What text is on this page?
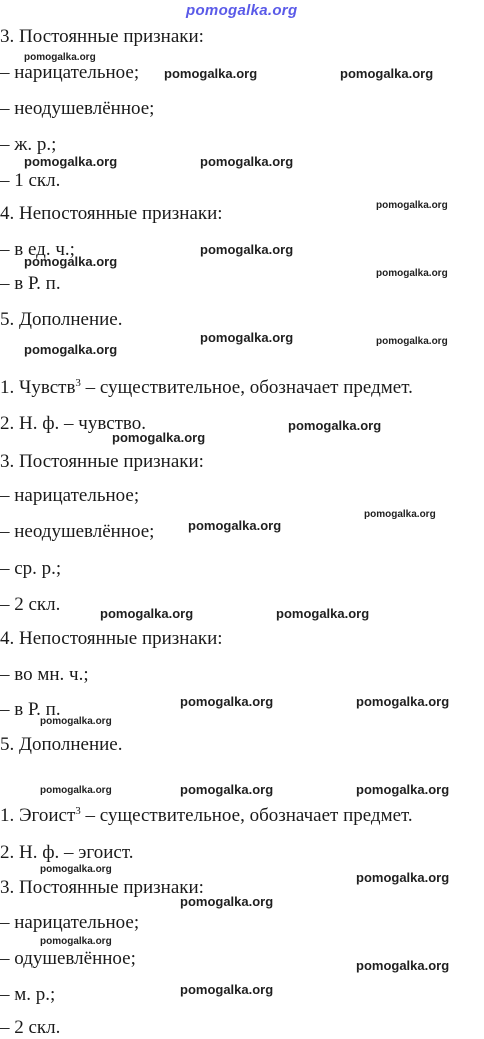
pomogalka.org
3. Постоянные признаки:
– нарицательное;
– неодушевлённое;
– ж. р.;
– 1 скл.
4. Непостоянные признаки:
– в ед. ч.;
– в Р. п.
5. Дополнение.
1. Чувств$^3$ – существительное, обозначает предмет.
2. Н. ф. – чувство.
3. Постоянные признаки:
– нарицательное;
– неодушевлённое;
– ср. р.;
– 2 скл.
4. Непостоянные признаки:
– во мн. ч.;
– в Р. п.
5. Дополнение.
1. Эгоист$^3$ – существительное, обозначает предмет.
2. Н. ф. – эгоист.
3. Постоянные признаки:
– нарицательное;
– одушевлённое;
– м. р.;
– 2 скл.
pomogalka.org
pomogalka.org	pomogalka.org
pomogalka.org	pomogalka.org
pomogalka.org
pomogalka.org
pomogalka.org
pomogalka.org
pomogalka.org	pomogalka.org
pomogalka.org
pomogalka.org
pomogalka.org
pomogalka.org
pomogalka.org
pomogalka.org	pomogalka.org
pomogalka.org	pomogalka.org
pomogalka.org
pomogalka.org	pomogalka.org	pomogalka.org
pomogalka.org
pomogalka.org
pomogalka.org
pomogalka.org
pomogalka.org
pomogalka.org
